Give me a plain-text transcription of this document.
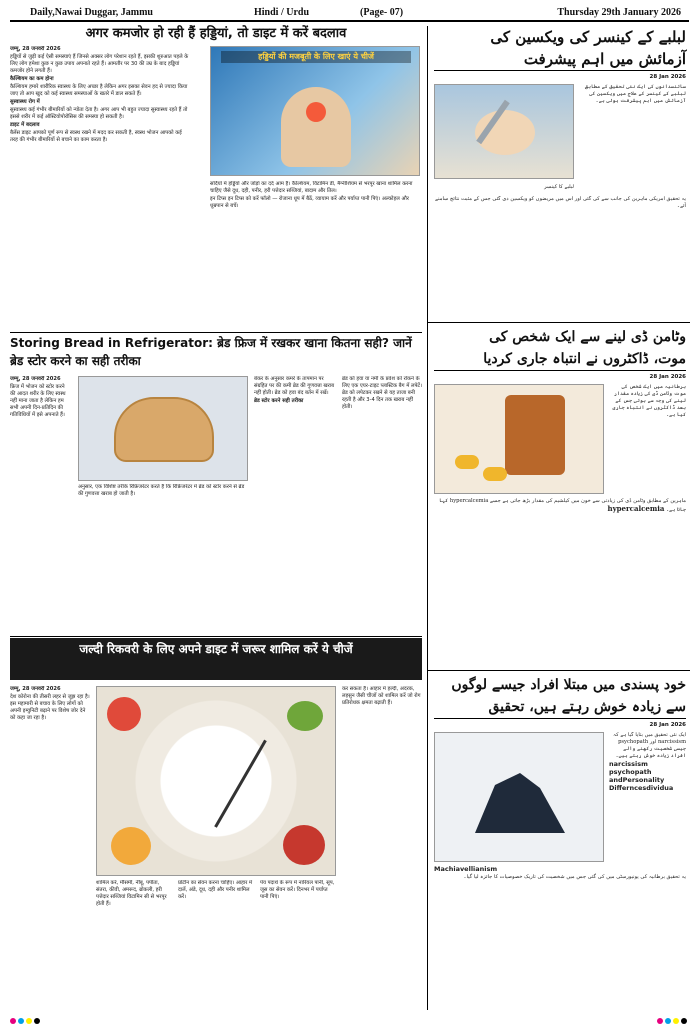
Daily,Nawai Duggar, Jammu	Hindi / Urdu	(Page- 07)	Thursday 29th January 2026
अगर कमजोर हो रही हैं हड्डियां, तो डाइट में करें बदलाव

जम्मू, 28 जनवरी 2026

हड्डियों से जुड़ी कई ऐसी समस्याएं हैं जिनसे अक्सर लोग परेशान रहते हैं, इसकी शुरुआत पहले के लिए लोग हमेशा कुछ न कुछ उपाय अपनाते रहते हैं। आमतौर पर 30 की उम्र के बाद हड्डियां कमजोर होने लगती हैं।

कैल्शियम का कम होना

कैल्शियम हमारे शारीरिक स्वास्थ्य के लिए अच्छा है लेकिन अगर इसका सेवन हद से ज्यादा किया जाए तो आप खुद को कई स्वास्थ्य समस्याओं के खतरे में डाल सकते हैं।

सुस्वास्थ्य रोग में

सुस्वास्थ्य कई गंभीर बीमारियों को न्योता देता है। अगर आप भी बहुत ज्यादा सुस्वास्थ्य रहते हैं तो इससे शरीर में कई ऑस्टियोपोरोसिस की समस्या हो सकती है।

डाइट में बदलाव

बैलेंस डाइट आपको पूर्ण रूप से स्वस्थ रखने में मदद कर सकती है, स्वस्थ भोजन आपको कई तरह की गंभीर बीमारियों से बचाने का काम करता है।

हड्डियों की मजबूती के लिए खाएं ये चीजें

सर्दियों में हड्डियों और जोड़ों का दर्द आम है। कैल्शियम, विटामिन डी, मैग्नीशियम से भरपूर खाना शामिल करना चाहिए जैसे दूध, दही, पनीर, हरी पत्तेदार सब्जियां, बादाम और तिल।

इन टिप्स इन टिप्स को करें फॉलो — रोजाना धूप में बैठें, व्यायाम करें और पर्याप्त पानी पिएं। अल्कोहल और धूम्रपान से बचें।

Storing Bread in Refrigerator: ब्रेड फ्रिज में रखकर खाना कितना सही? जानें ब्रेड स्टोर करने का सही तरीका

जम्मू, 28 जनवरी 2026

फ्रिज में भोजन को स्टोर करने की आदत शरीर के लिए स्वस्थ नहीं माना जाता है लेकिन हम सभी अपनी दिन-प्रतिदिन की गतिविधियों में इसे अपनाते हैं।

अनुसार, एक विशिष्ट तरीके रिफ्रिजरेटर करते हैं कि रिफ्रिजरेटर में ब्रेड को स्टोर करने से ब्रेड की गुणवत्ता खराब हो जाती है।

बेकर के अनुसार कमरे के तापमान पर संग्रहित पर की कमी ब्रेड की गुणवत्ता खराब नहीं होती। ब्रेड को हवा बंद बर्तन में रखें।

ब्रेड स्टोर करने सही तरीका

ब्रेड को हवा या नमी के प्रवेश को रोकने के लिए एक एयर-टाइट प्लास्टिक बैग में लपेटें। ब्रेड को लपेटकर रखने से यह ताजा बनी रहती है और 3-4 दिन तक खराब नहीं होती।

जल्दी रिकवरी के लिए अपने डाइट में जरूर शामिल करें ये चीजें

जम्मू, 28 जनवरी 2026

देश कोरोना की तीसरी लहर से जूझ रहा है। इस महामारी से बचाव के लिए लोगों को अपनी इम्युनिटी बढ़ाने पर विशेष जोर देने को कहा जा रहा है।

शामिल करें, मौसमी, नींबू, पपीता, संतरा, कीवी, अमरूद, ब्रोकली, हरी पत्तेदार सब्जियां विटामिन सी से भरपूर होती हैं।

प्रोटीन का सेवन करना चाहिए। आहार में दालें, अंडे, दूध, दही और पनीर शामिल करें।

पेय पदार्थ के रूप में नारियल पानी, सूप, जूस का सेवन करें। दिनभर में पर्याप्त पानी पिएं।

कर सकता है। आहार में हल्दी, अदरक, लहसुन जैसी चीजों को शामिल करें जो रोग प्रतिरोधक क्षमता बढ़ाती हैं।

لبلبے کے کینسر کی ویکسین کی
آزمائش میں اہم پیشرفت
28 Jan 2026
سائنسدانوں کی ایک نئی تحقیق کے مطابق لبلبے کے کینسر کے علاج میں ویکسین کی آزمائش میں اہم پیشرفت ہوئی ہے۔
لبلبے کا کینسر
یہ تحقیق امریکی ماہرین کی جانب سے کی گئی اور اس میں مریضوں کو ویکسین دی گئی جس کے مثبت نتائج سامنے آئے۔
وٹامن ڈی لینے سے ایک شخص کی
موت، ڈاکٹروں نے انتباہ جاری کردیا
28 Jan 2026
برطانیہ میں ایک شخص کی موت وٹامن ڈی کی زیادہ مقدار لینے کی وجہ سے ہوئی جس کے بعد ڈاکٹروں نے انتباہ جاری کیا ہے۔
ماہرین کے مطابق وٹامن ڈی کی زیادتی سے خون میں کیلشیم کی مقدار بڑھ جاتی ہے جسے hypercalcemia کہا جاتا ہے۔ hypercalcemia
خود پسندی میں مبتلا افراد جیسے لوگوں
سے زیادہ خوش رہتے ہیں، تحقیق
28 Jan 2026

ایک نئی تحقیق میں بتایا گیا ہے کہ narcissism اور psychopath جیسی شخصیت رکھنے والے افراد زیادہ خوش رہتے ہیں۔

narcissism

psychopath

andPersonality

Differncesdividua

Machiavellianism

یہ تحقیق برطانیہ کی یونیورسٹی میں کی گئی جس میں شخصیت کی تاریک خصوصیات کا جائزہ لیا گیا۔
